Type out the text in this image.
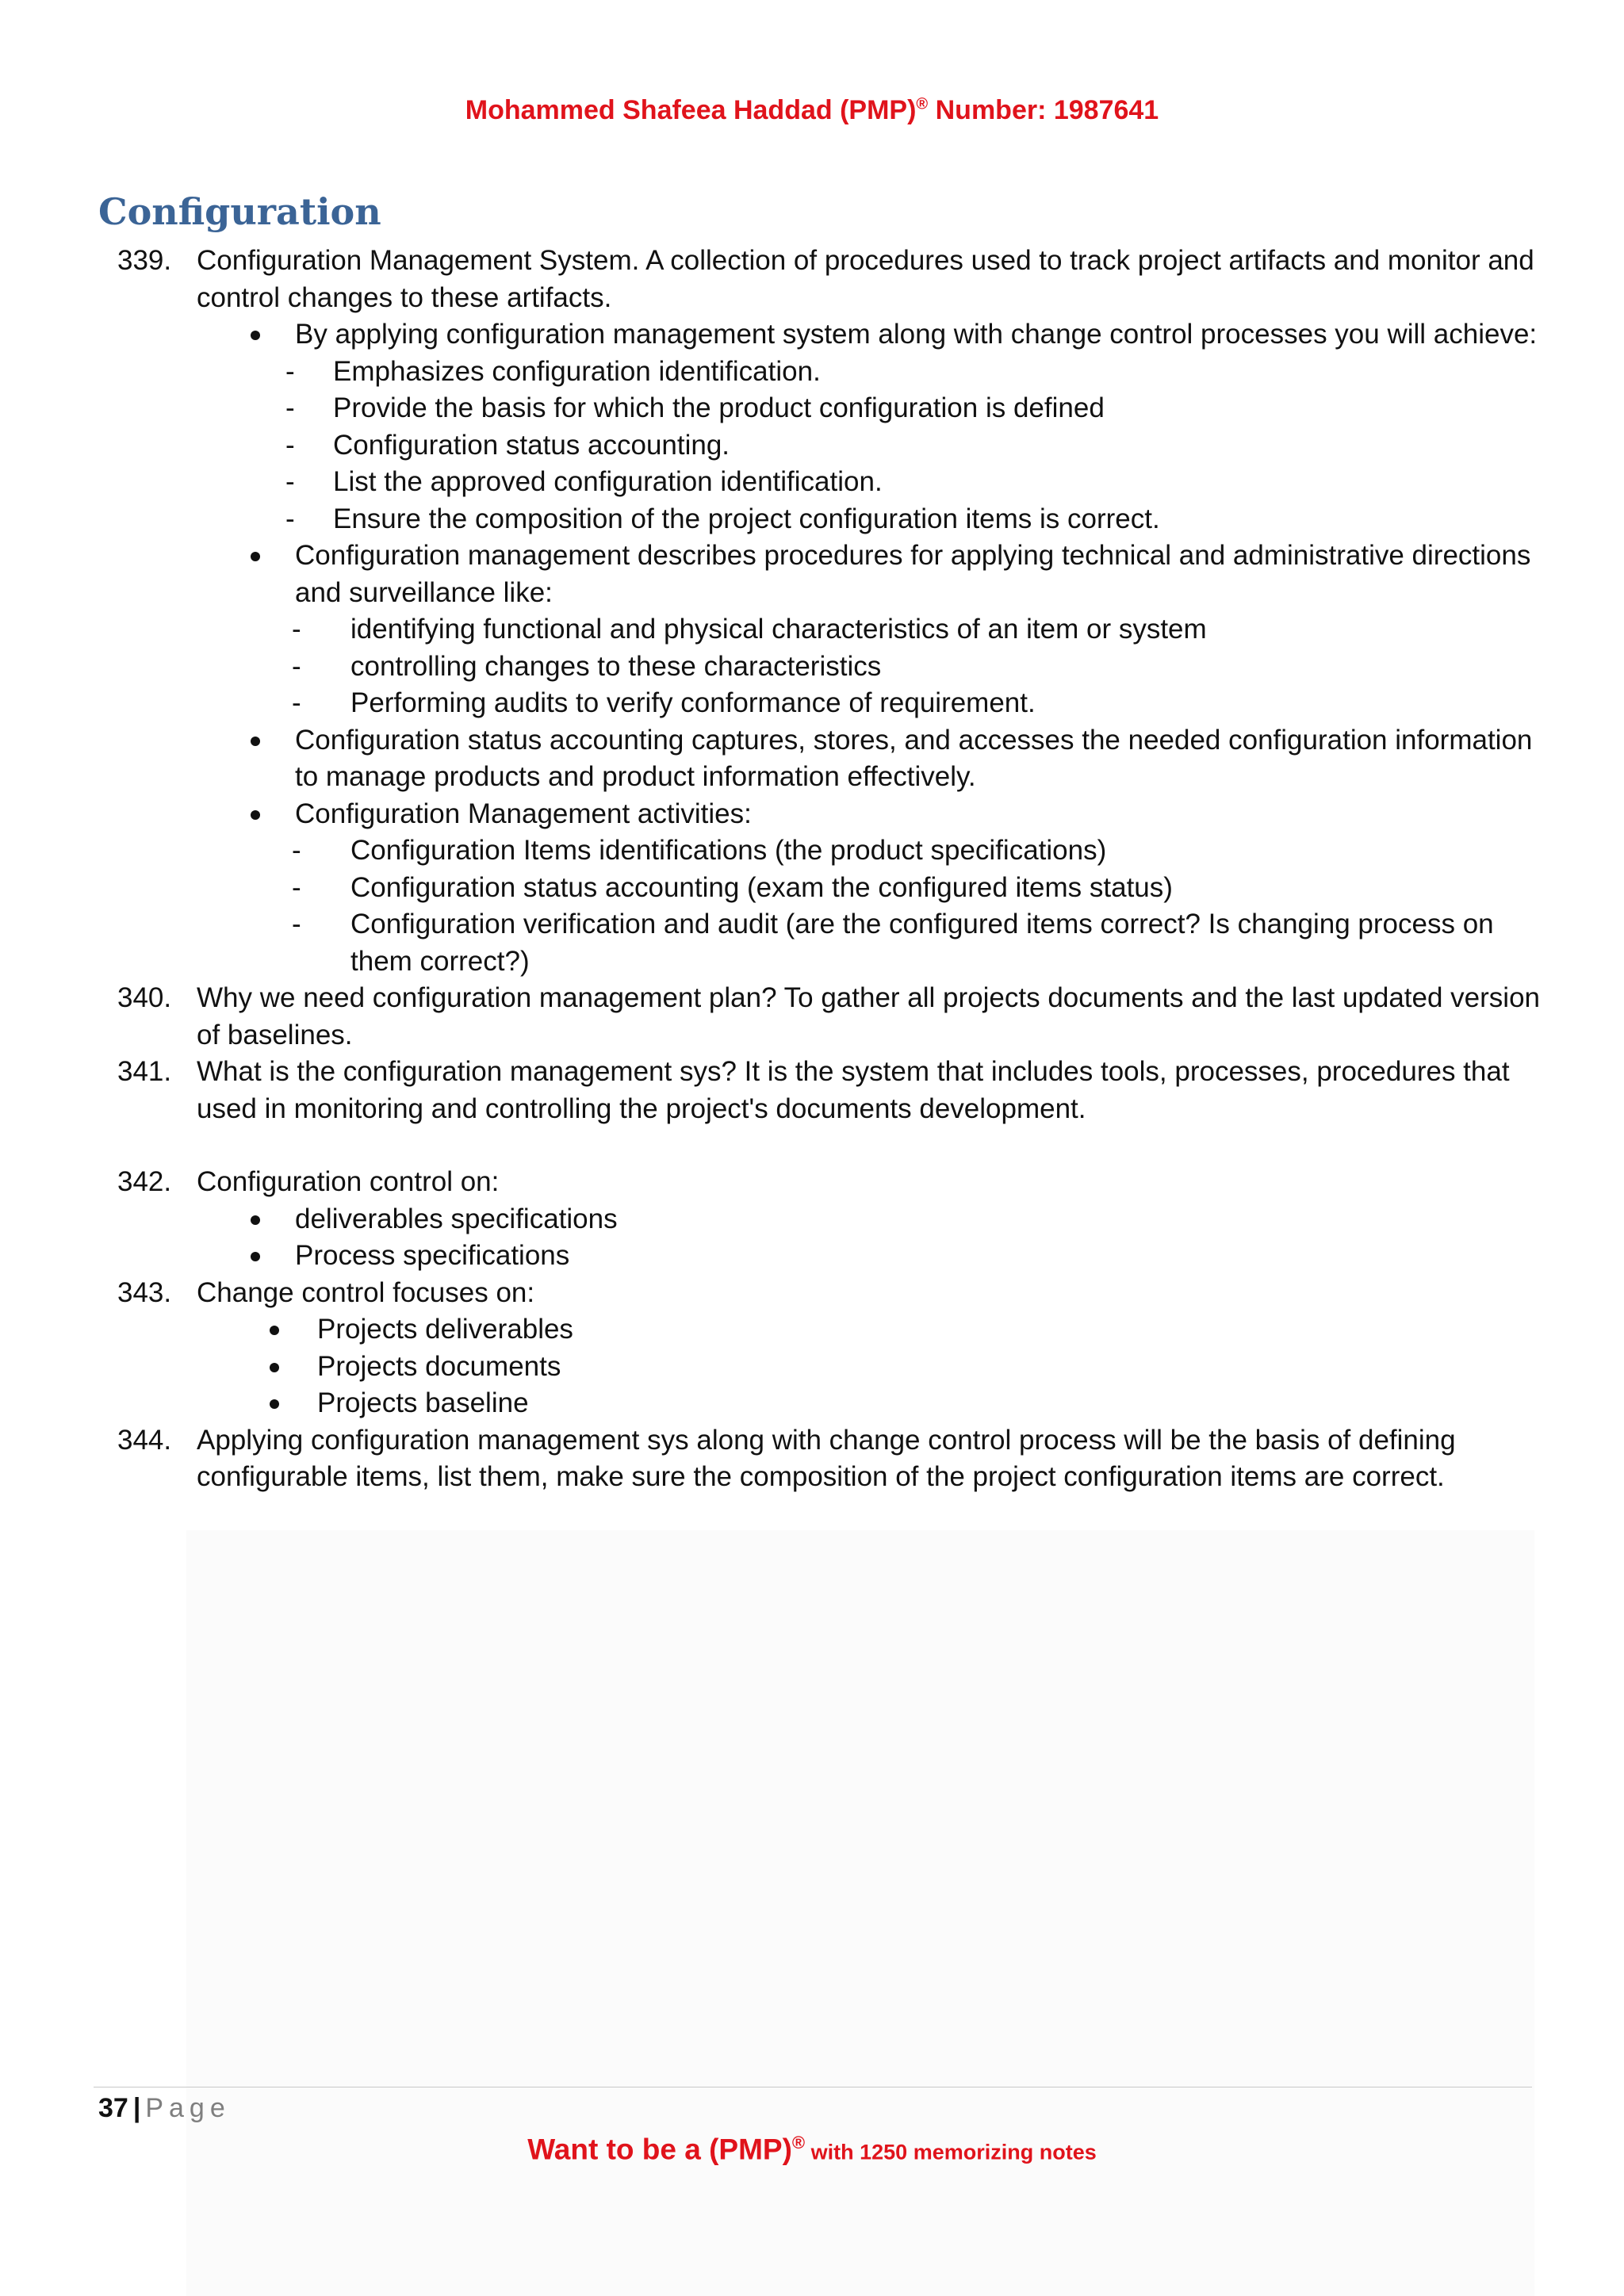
Mohammed Shafeea Haddad (PMP)® Number: 1987641
Configuration
339. Configuration Management System. A collection of procedures used to track project artifacts and monitor and control changes to these artifacts.
By applying configuration management system along with change control processes you will achieve:
- Emphasizes configuration identification.
- Provide the basis for which the product configuration is defined
- Configuration status accounting.
- List the approved configuration identification.
- Ensure the composition of the project configuration items is correct.
Configuration management describes procedures for applying technical and administrative directions and surveillance like:
- identifying functional and physical characteristics of an item or system
- controlling changes to these characteristics
- Performing audits to verify conformance of requirement.
Configuration status accounting captures, stores, and accesses the needed configuration information to manage products and product information effectively.
Configuration Management activities:
- Configuration Items identifications (the product specifications)
- Configuration status accounting (exam the configured items status)
- Configuration verification and audit (are the configured items correct? Is changing process on them correct?)
340. Why we need configuration management plan? To gather all projects documents and the last updated version of baselines.
341. What is the configuration management sys? It is the system that includes tools, processes, procedures that used in monitoring and controlling the project's documents development.
342. Configuration control on:
deliverables specifications
Process specifications
343. Change control focuses on:
Projects deliverables
Projects documents
Projects baseline
344. Applying configuration management sys along with change control process will be the basis of defining configurable items, list them, make sure the composition of the project configuration items are correct.
37 | Page
Want to be a (PMP)® with 1250 memorizing notes
